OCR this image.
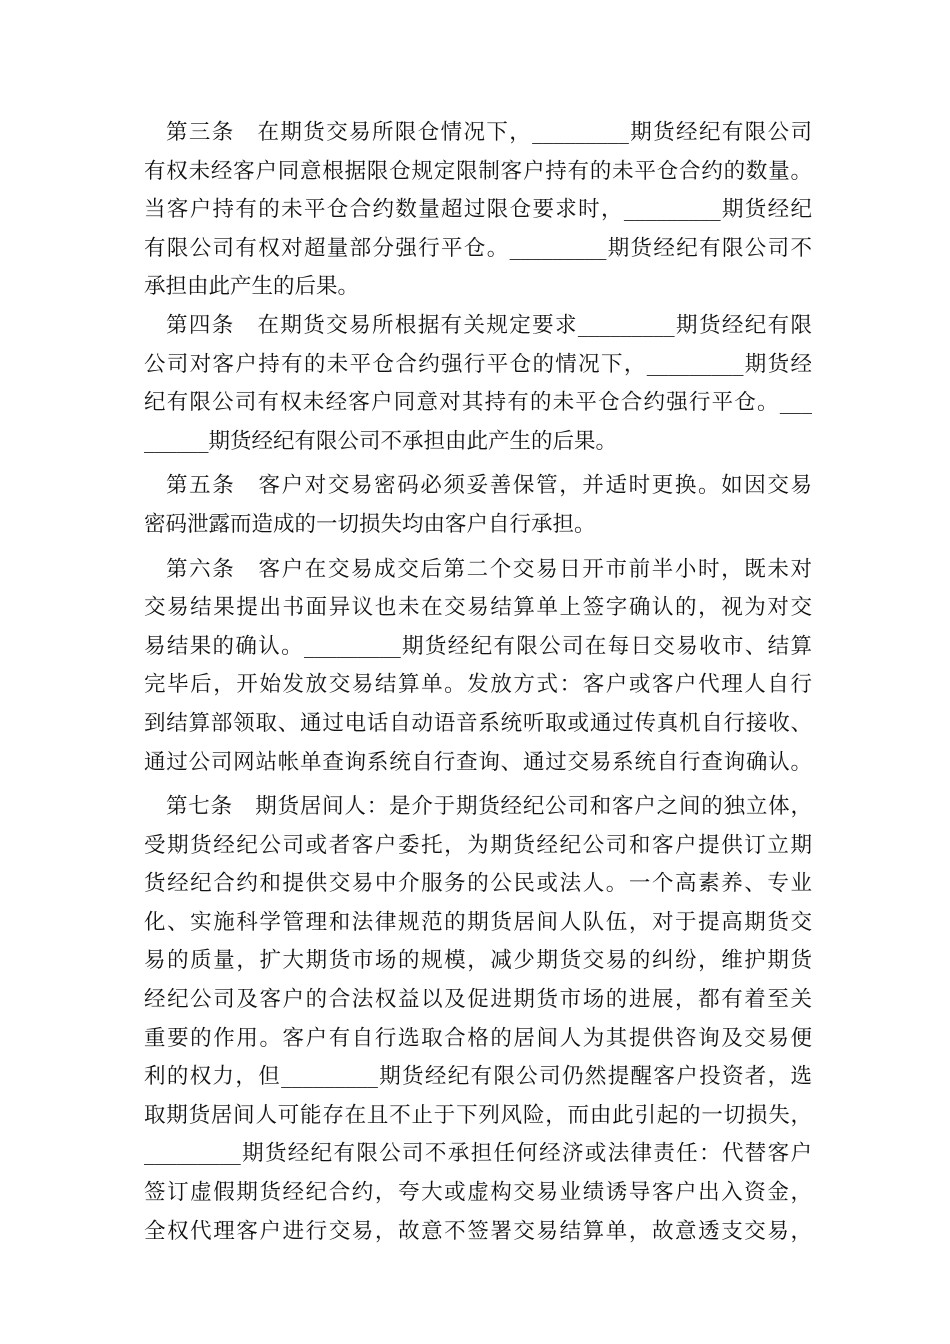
第三条　在期货交易所限仓情况下，_________期货经纪有限公司
有权未经客户同意根据限仓规定限制客户持有的未平仓合约的数量。
当客户持有的未平仓合约数量超过限仓要求时，_________期货经纪
有限公司有权对超量部分强行平仓。_________期货经纪有限公司不
承担由此产生的后果。
第四条　在期货交易所根据有关规定要求_________期货经纪有限
公司对客户持有的未平仓合约强行平仓的情况下，_________期货经
纪有限公司有权未经客户同意对其持有的未平仓合约强行平仓。___
______期货经纪有限公司不承担由此产生的后果。
第五条　客户对交易密码必须妥善保管，并适时更换。如因交易
密码泄露而造成的一切损失均由客户自行承担。
第六条　客户在交易成交后第二个交易日开市前半小时，既未对
交易结果提出书面异议也未在交易结算单上签字确认的，视为对交
易结果的确认。_________期货经纪有限公司在每日交易收市、结算
完毕后，开始发放交易结算单。发放方式：客户或客户代理人自行
到结算部领取、通过电话自动语音系统听取或通过传真机自行接收、
通过公司网站帐单查询系统自行查询、通过交易系统自行查询确认。
第七条　期货居间人：是介于期货经纪公司和客户之间的独立体，
受期货经纪公司或者客户委托，为期货经纪公司和客户提供订立期
货经纪合约和提供交易中介服务的公民或法人。一个高素养、专业
化、实施科学管理和法律规范的期货居间人队伍，对于提高期货交
易的质量，扩大期货市场的规模，减少期货交易的纠纷，维护期货
经纪公司及客户的合法权益以及促进期货市场的进展，都有着至关
重要的作用。客户有自行选取合格的居间人为其提供咨询及交易便
利的权力，但_________期货经纪有限公司仍然提醒客户投资者，选
取期货居间人可能存在且不止于下列风险，而由此引起的一切损失，
_________期货经纪有限公司不承担任何经济或法律责任：代替客户
签订虚假期货经纪合约，夸大或虚构交易业绩诱导客户出入资金，
全权代理客户进行交易，故意不签署交易结算单，故意透支交易，
